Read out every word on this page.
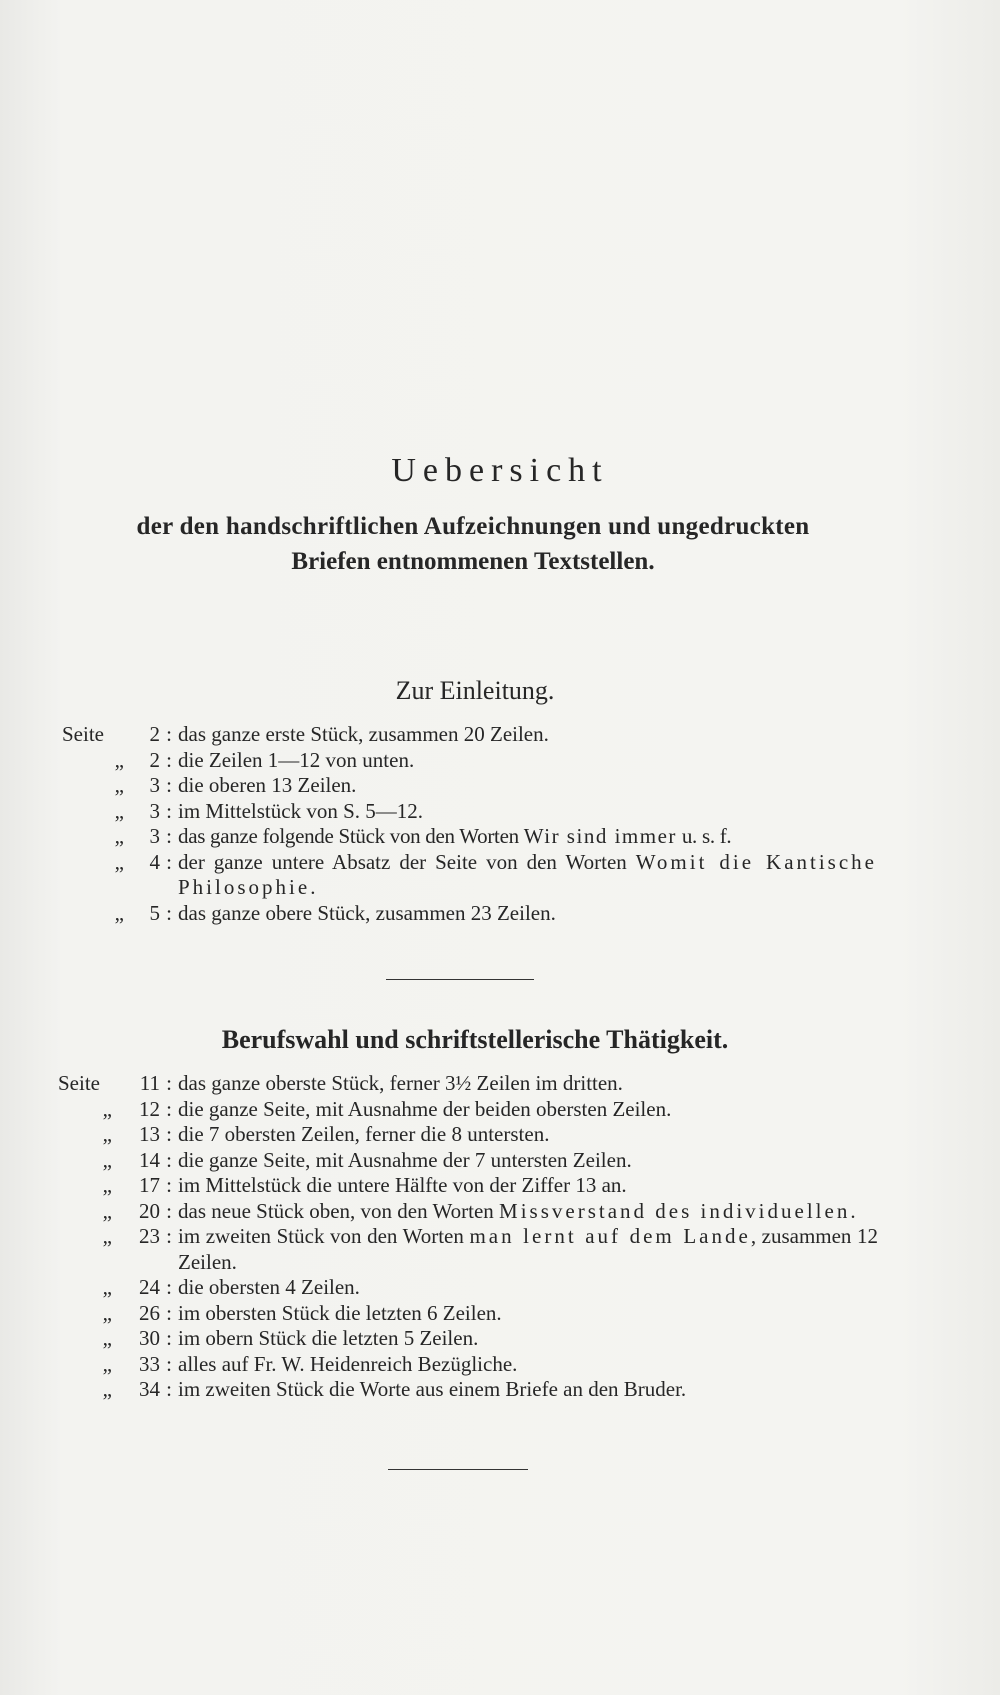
Uebersicht
der den handschriftlichen Aufzeichnungen und ungedruckten
Briefen entnommenen Textstellen.
Zur Einleitung.
Seite	2 : das ganze erste Stück, zusammen 20 Zeilen.
„	2 : die Zeilen 1—12 von unten.
„	3 : die oberen 13 Zeilen.
„	3 : im Mittelstück von S. 5—12.
„	3 : das ganze folgende Stück von den Worten Wir sind immer u. s. f.
„	4 : der ganze untere Absatz der Seite von den Worten Womit die Kantische Philosophie.
„	5 : das ganze obere Stück, zusammen 23 Zeilen.
Berufswahl und schriftstellerische Thätigkeit.
Seite	11 : das ganze oberste Stück, ferner 3½ Zeilen im dritten.
„	12 : die ganze Seite, mit Ausnahme der beiden obersten Zeilen.
„	13 : die 7 obersten Zeilen, ferner die 8 untersten.
„	14 : die ganze Seite, mit Ausnahme der 7 untersten Zeilen.
„	17 : im Mittelstück die untere Hälfte von der Ziffer 13 an.
„	20 : das neue Stück oben, von den Worten Missverstand des individuellen.
„	23 : im zweiten Stück von den Worten man lernt auf dem Lande, zusammen 12 Zeilen.
„	24 : die obersten 4 Zeilen.
„	26 : im obersten Stück die letzten 6 Zeilen.
„	30 : im obern Stück die letzten 5 Zeilen.
„	33 : alles auf Fr. W. Heidenreich Bezügliche.
„	34 : im zweiten Stück die Worte aus einem Briefe an den Bruder.
